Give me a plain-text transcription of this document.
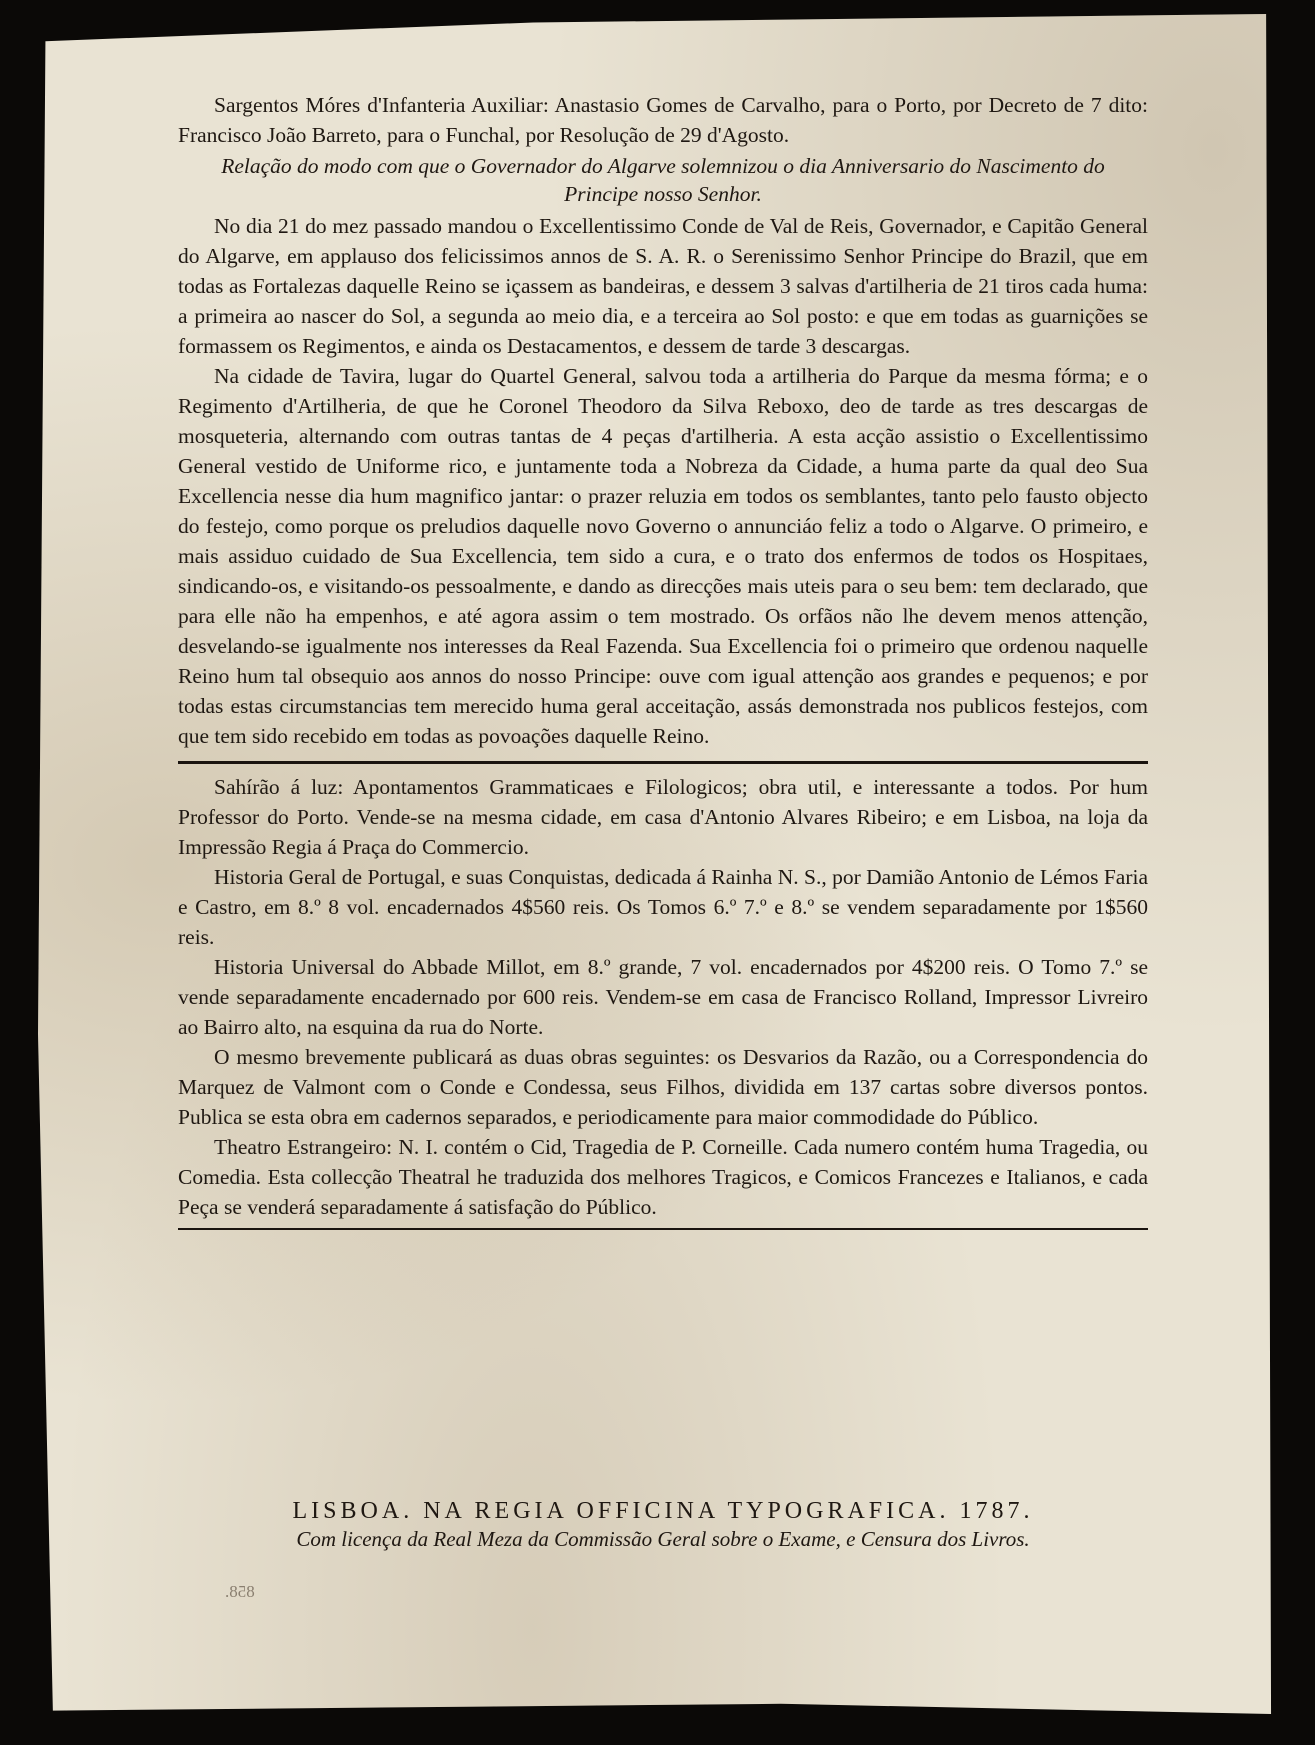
Sargentos Móres d'Infanteria Auxiliar: Anastasio Gomes de Carvalho, para o Porto, por Decreto de 7 dito: Francisco João Barreto, para o Funchal, por Resolução de 29 d'Agosto.

Relação do modo com que o Governador do Algarve solemnizou o dia Anniversario do Nascimento do Principe nosso Senhor.

No dia 21 do mez passado mandou o Excellentissimo Conde de Val de Reis, Governador, e Capitão General do Algarve, em applauso dos felicissimos annos de S. A. R. o Serenissimo Senhor Principe do Brazil, que em todas as Fortalezas daquelle Reino se içassem as bandeiras, e dessem 3 salvas d'artilheria de 21 tiros cada huma: a primeira ao nascer do Sol, a segunda ao meio dia, e a terceira ao Sol posto: e que em todas as guarnições se formassem os Regimentos, e ainda os Destacamentos, e dessem de tarde 3 descargas.

Na cidade de Tavira, lugar do Quartel General, salvou toda a artilheria do Parque da mesma fórma; e o Regimento d'Artilheria, de que he Coronel Theodoro da Silva Reboxo, deo de tarde as tres descargas de mosqueteria, alternando com outras tantas de 4 peças d'artilheria. A esta acção assistio o Excellentissimo General vestido de Uniforme rico, e juntamente toda a Nobreza da Cidade, a huma parte da qual deo Sua Excellencia nesse dia hum magnifico jantar: o prazer reluzia em todos os semblantes, tanto pelo fausto objecto do festejo, como porque os preludios daquelle novo Governo o annunciáo feliz a todo o Algarve. O primeiro, e mais assiduo cuidado de Sua Excellencia, tem sido a cura, e o trato dos enfermos de todos os Hospitaes, sindicando-os, e visitando-os pessoalmente, e dando as direcções mais uteis para o seu bem: tem declarado, que para elle não ha empenhos, e até agora assim o tem mostrado. Os orfãos não lhe devem menos attenção, desvelando-se igualmente nos interesses da Real Fazenda. Sua Excellencia foi o primeiro que ordenou naquelle Reino hum tal obsequio aos annos do nosso Principe: ouve com igual attenção aos grandes e pequenos; e por todas estas circumstancias tem merecido huma geral acceitação, assás demonstrada nos publicos festejos, com que tem sido recebido em todas as povoações daquelle Reino.

Sahírão á luz: Apontamentos Grammaticaes e Filologicos; obra util, e interessante a todos. Por hum Professor do Porto. Vende-se na mesma cidade, em casa d'Antonio Alvares Ribeiro; e em Lisboa, na loja da Impressão Regia á Praça do Commercio.

Historia Geral de Portugal, e suas Conquistas, dedicada á Rainha N. S., por Damião Antonio de Lémos Faria e Castro, em 8.º 8 vol. encadernados 4$560 reis. Os Tomos 6.º 7.º e 8.º se vendem separadamente por 1$560 reis.

Historia Universal do Abbade Millot, em 8.º grande, 7 vol. encadernados por 4$200 reis. O Tomo 7.º se vende separadamente encadernado por 600 reis. Vendem-se em casa de Francisco Rolland, Impressor Livreiro ao Bairro alto, na esquina da rua do Norte.

O mesmo brevemente publicará as duas obras seguintes: os Desvarios da Razão, ou a Correspondencia do Marquez de Valmont com o Conde e Condessa, seus Filhos, dividida em 137 cartas sobre diversos pontos. Publica se esta obra em cadernos separados, e periodicamente para maior commodidade do Público.

Theatro Estrangeiro: N. I. contém o Cid, Tragedia de P. Corneille. Cada numero contém huma Tragedia, ou Comedia. Esta collecção Theatral he traduzida dos melhores Tragicos, e Comicos Francezes e Italianos, e cada Peça se venderá separadamente á satisfação do Público.

LISBOA. NA REGIA OFFICINA TYPOGRAFICA. 1787.
Com licença da Real Meza da Commissão Geral sobre o Exame, e Censura dos Livros.
858.
